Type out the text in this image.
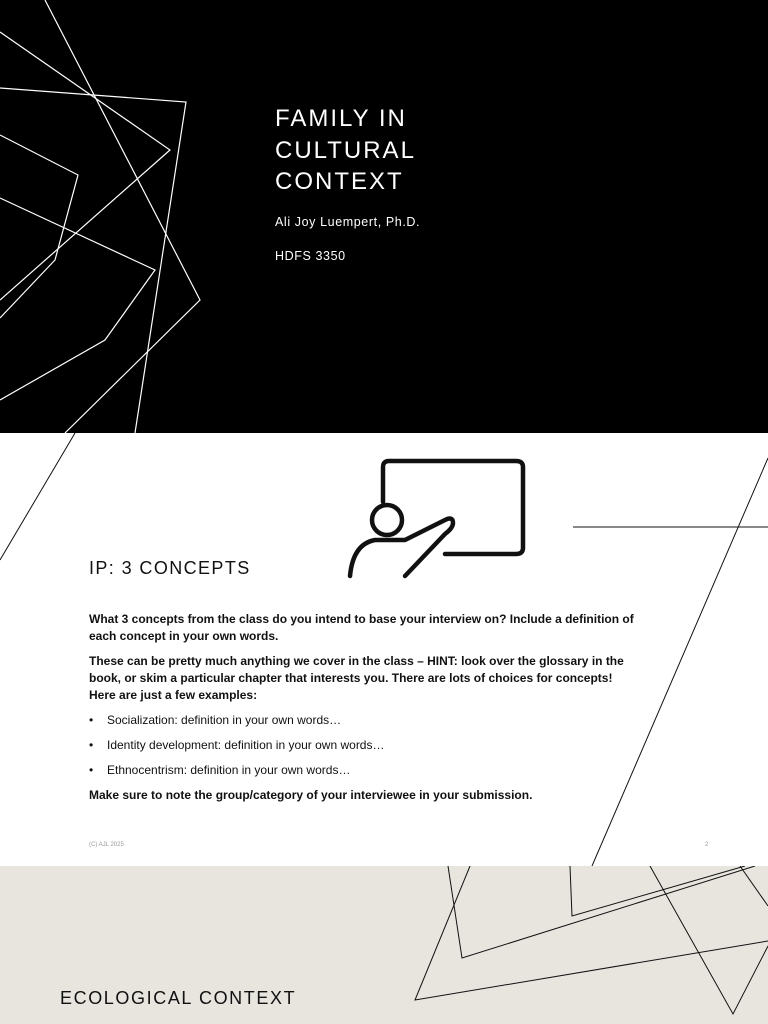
FAMILY IN
CULTURAL
CONTEXT
Ali Joy Luempert, Ph.D.
HDFS 3350
IP: 3 CONCEPTS
What 3 concepts from the class do you intend to base your interview on? Include a definition of each concept in your own words.
These can be pretty much anything we cover in the class – HINT: look over the glossary in the book, or skim a particular chapter that interests you. There are lots of choices for concepts! Here are just a few examples:
• Socialization: definition in your own words…
• Identity development: definition in your own words…
• Ethnocentrism: definition in your own words…
Make sure to note the group/category of your interviewee in your submission.
(C) AJL 2025	2
ECOLOGICAL CONTEXT
